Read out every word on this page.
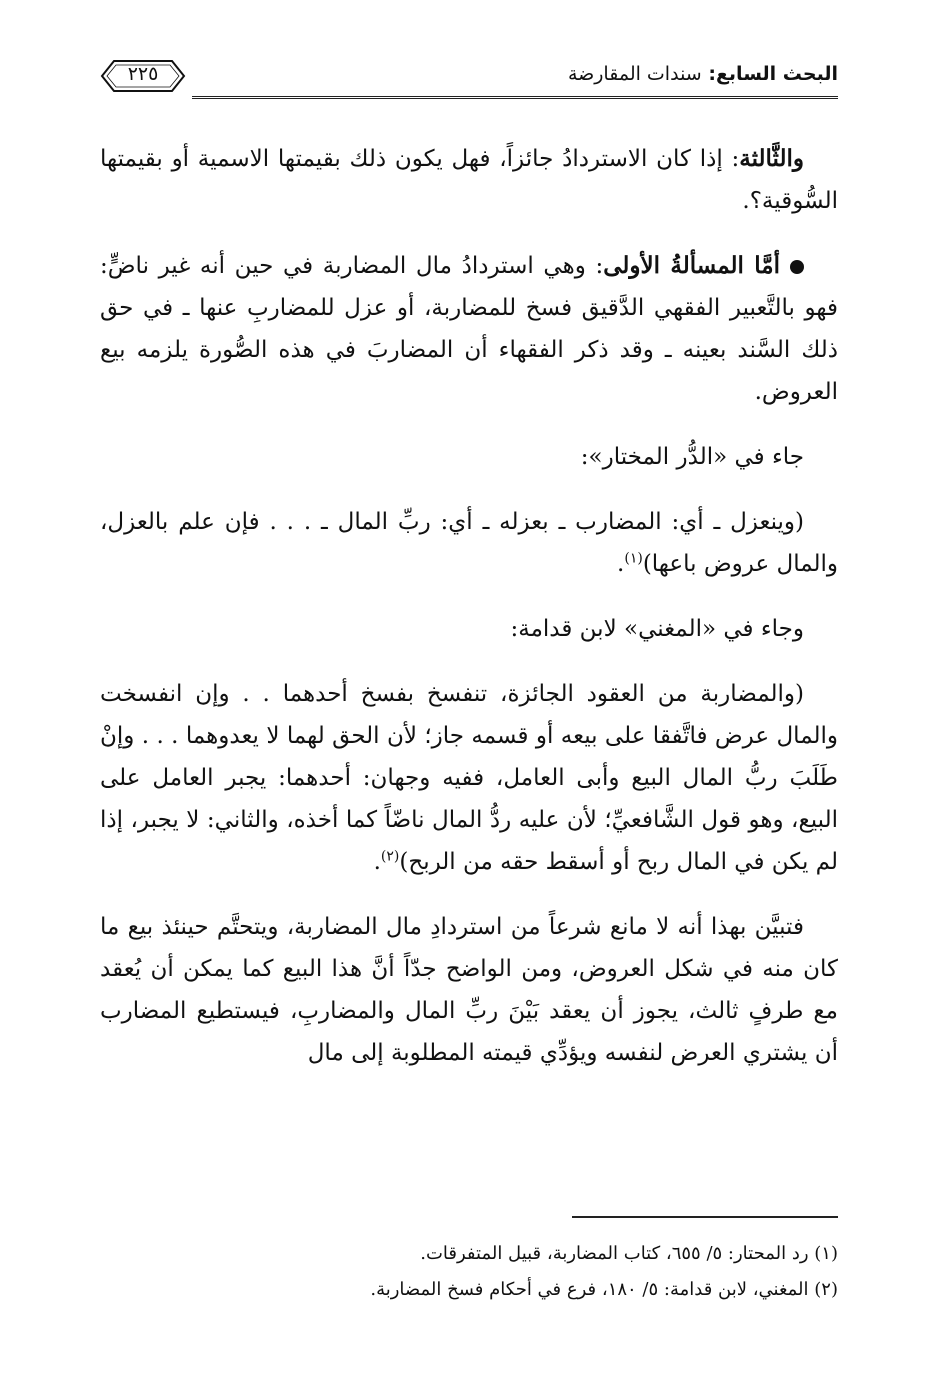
البحث السابع: سندات المقارضة
٢٢٥

والثَّالثة: إذا كان الاستردادُ جائزاً، فهل يكون ذلك بقيمتها الاسمية أو بقيمتها السُّوقية؟.

أمَّا المسألةُ الأولى: وهي استردادُ مال المضاربة في حين أنه غير ناضٍّ: فهو بالتَّعبير الفقهي الدَّقيق فسخ للمضاربة، أو عزل للمضاربِ عنها ـ في حق ذلك السَّند بعينه ـ وقد ذكر الفقهاء أن المضاربَ في هذه الصُّورة يلزمه بيع العروض.

جاء في «الدُّر المختار»:

(وينعزل ـ أي: المضارب ـ بعزله ـ أي: ربِّ المال ـ . . . فإن علم بالعزل، والمال عروض باعها)$^{(١)}$.

وجاء في «المغني» لابن قدامة:

(والمضاربة من العقود الجائزة، تنفسخ بفسخ أحدهما . . وإن انفسخت والمال عرض فاتَّفقا على بيعه أو قسمه جاز؛ لأن الحق لهما لا يعدوهما . . . وإنْ طَلَبَ ربُّ المال البيع وأبى العامل، ففيه وجهان: أحدهما: يجبر العامل على البيع، وهو قول الشَّافعيِّ؛ لأن عليه ردُّ المال ناضّاً كما أخذه، والثاني: لا يجبر، إذا لم يكن في المال ربح أو أسقط حقه من الربح)$^{(٢)}$.

فتبيَّن بهذا أنه لا مانع شرعاً من استردادِ مال المضاربة، ويتحتَّم حينئذ بيع ما كان منه في شكل العروض، ومن الواضح جدّاً أنَّ هذا البيع كما يمكن أن يُعقد مع طرفٍ ثالث، يجوز أن يعقد بَيْنَ ربِّ المال والمضاربِ، فيستطيع المضارب أن يشتري العرض لنفسه ويؤدِّي قيمته المطلوبة إلى مال

(١) رد المحتار: ٥/ ٦٥٥، كتاب المضاربة، قبيل المتفرقات.

(٢) المغني، لابن قدامة: ٥/ ١٨٠، فرع في أحكام فسخ المضاربة.
